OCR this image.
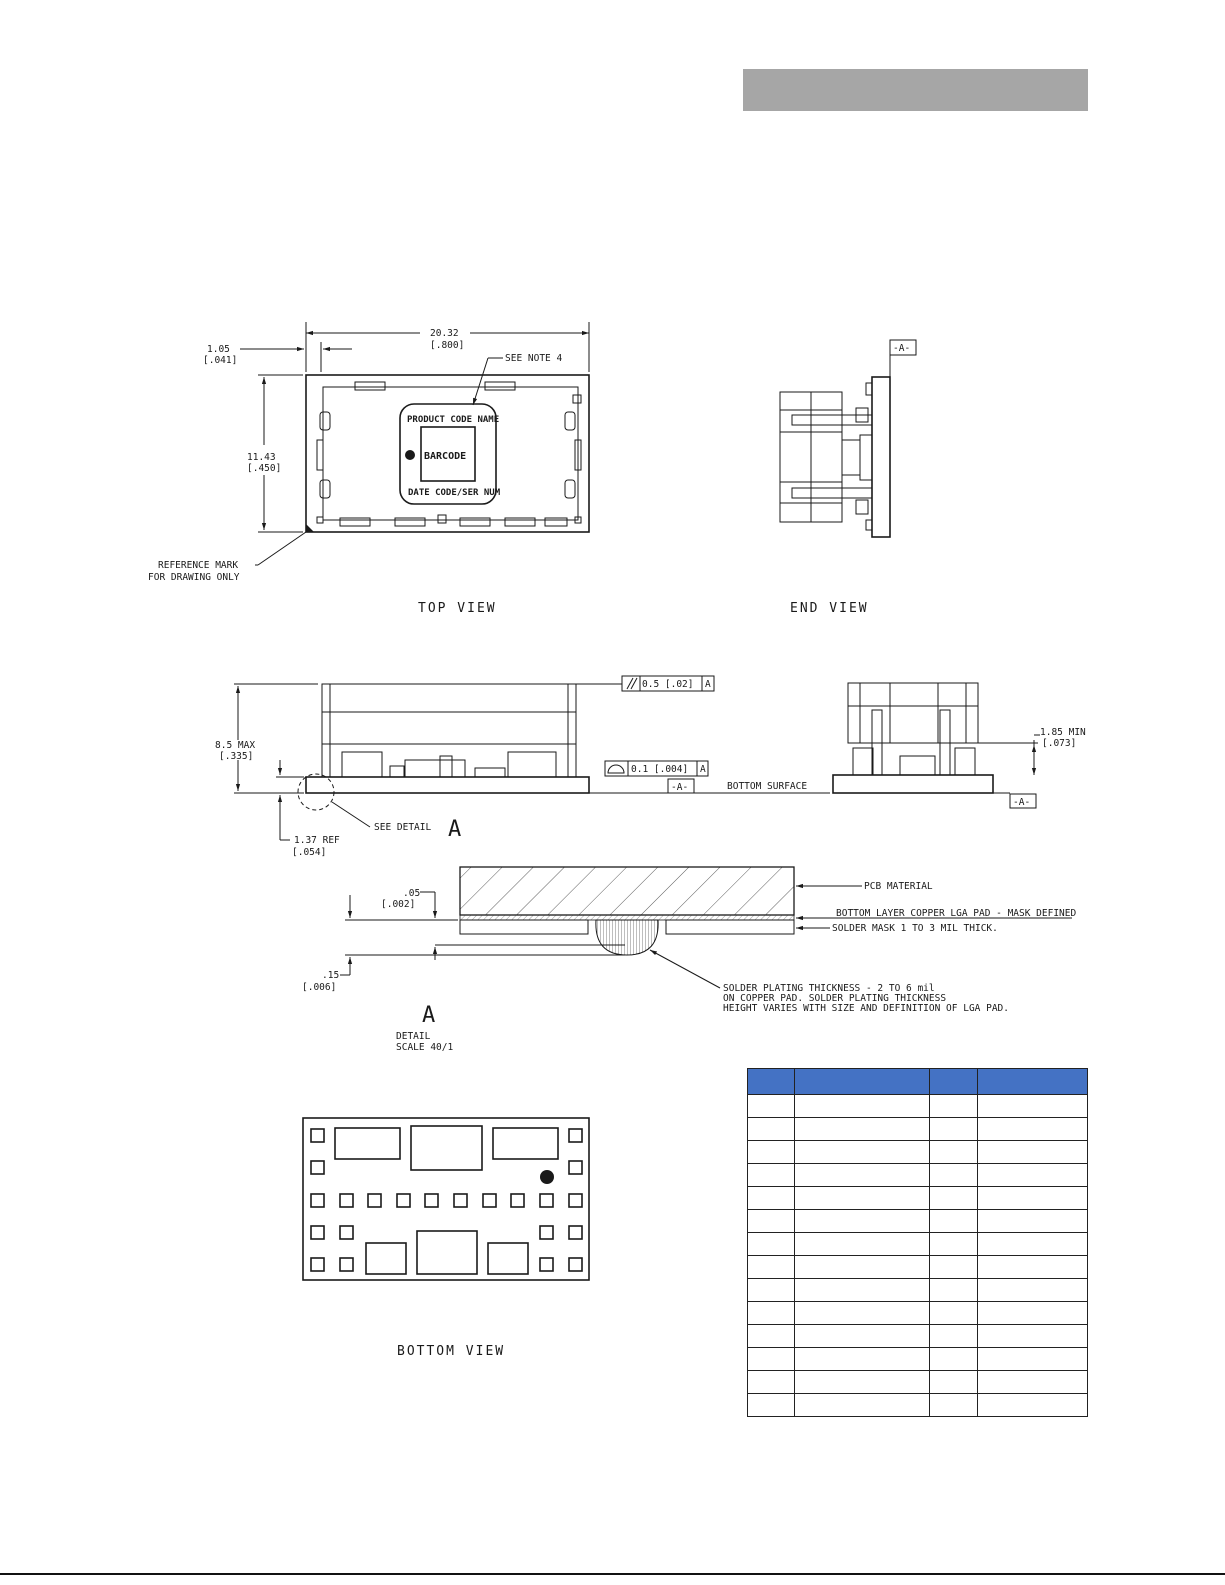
PRODUCT CODE NAME
BARCODE
DATE CODE/SER NUM
REFERENCE MARK
FOR DRAWING ONLY
20.32
[.800]
1.05
[.041]	SEE NOTE 4
11.43
[.450]
TOP VIEW
-A-
END VIEW
8.5 MAX
[.335]
1.37 REF
[.054]
SEE DETAIL A
0.5 [.02] A
0.1 [.004] A
-A-	BOTTOM SURFACE
1.85 MIN
[.073]
-A-
.05
[.002]
.15
[.006]
PCB MATERIAL
BOTTOM LAYER COPPER LGA PAD - MASK DEFINED
SOLDER MASK 1 TO 3 MIL THICK.
SOLDER PLATING THICKNESS - 2 TO 6 mil
ON COPPER PAD. SOLDER PLATING THICKNESS
HEIGHT VARIES WITH SIZE AND DEFINITION OF LGA PAD.
A
DETAIL
SCALE 40/1
BOTTOM VIEW
